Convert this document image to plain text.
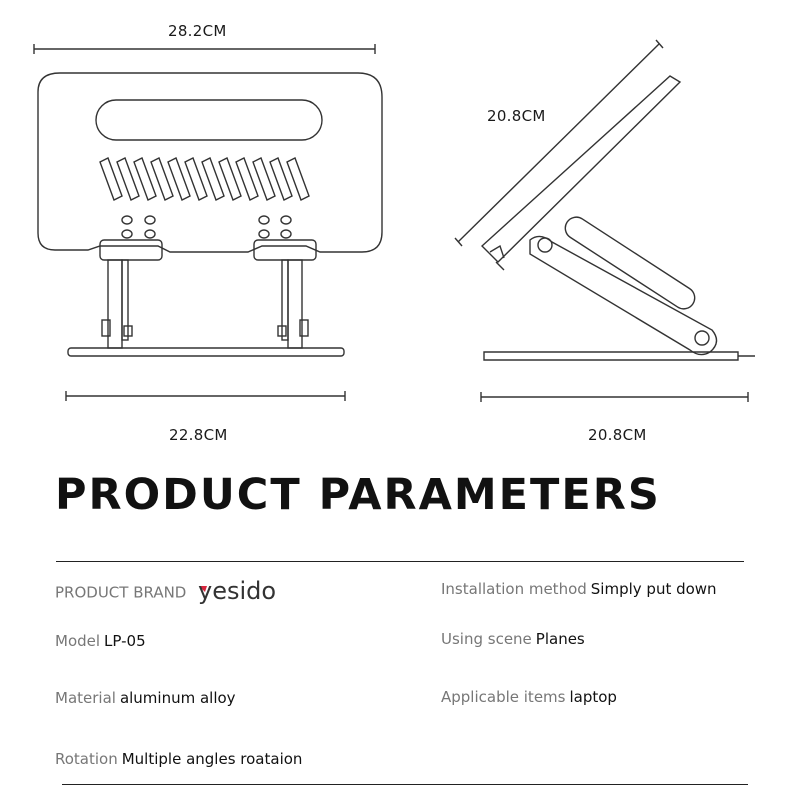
28.2CM
20.8CM
22.8CM	20.8CM
PRODUCT PARAMETERS
PRODUCT BRAND yesido
Model LP-05
Material aluminum alloy
Rotation Multiple angles roataion
Installation method Simply put down
Using scene Planes
Applicable items laptop
